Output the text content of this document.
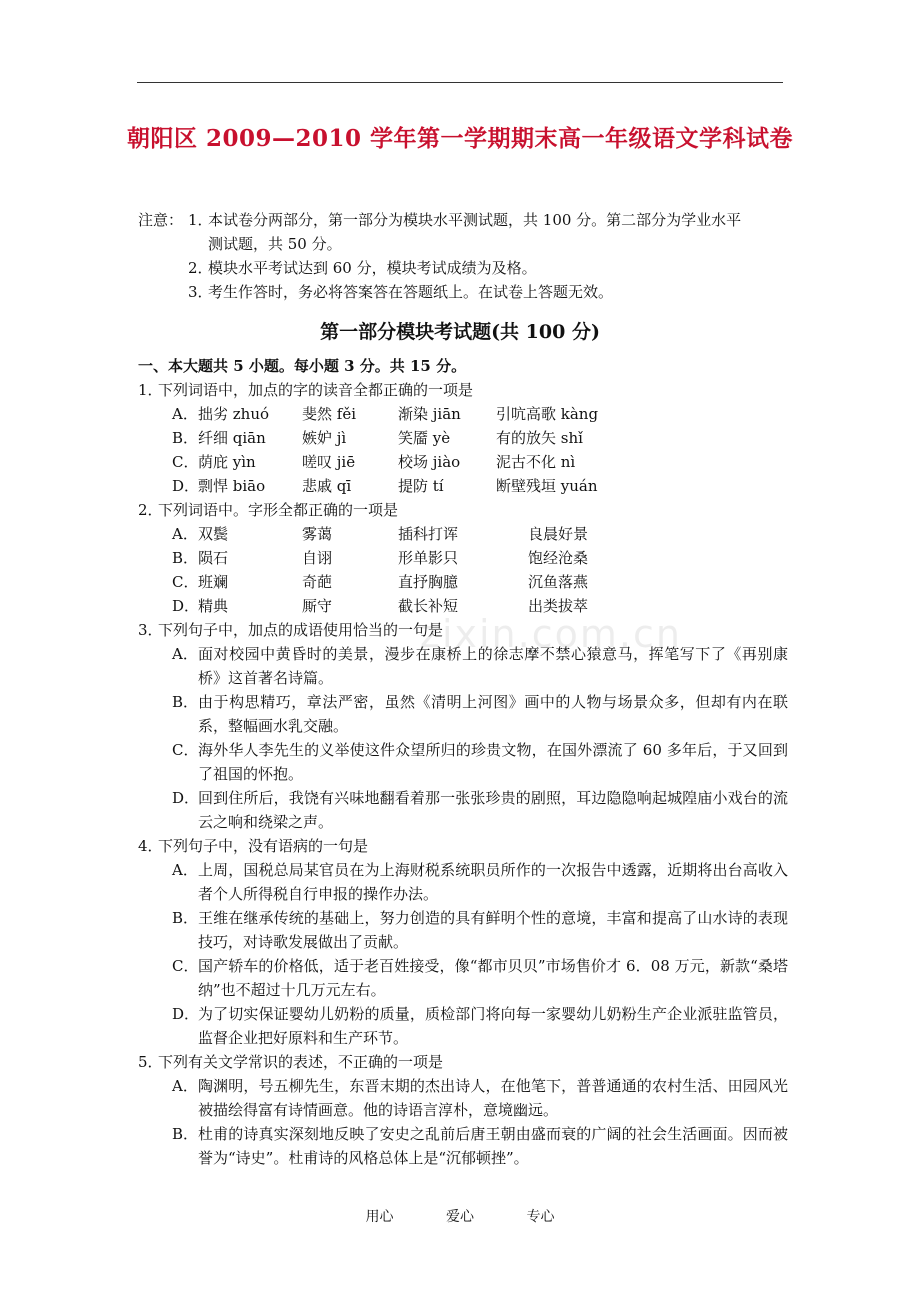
zixin.com.cn
朝阳区 2009—2010 学年第一学期期末高一年级语文学科试卷
注意： 1．
本试卷分两部分，第一部分为模块水平测试题，共 100 分。第二部分为学业水平
测试题，共 50 分。
2．
模块水平考试达到 60 分，模块考试成绩为及格。
3．
考生作答时，务必将答案答在答题纸上。在试卷上答题无效。
第一部分模块考试题(共 100 分)
一、本大题共 5 小题。每小题 3 分。共 15 分。
1．
下列词语中，加点的字的读音全都正确的一项是
A． 拙劣 zhuó	斐然 fěi	渐染 jiān	引吭高歌 kàng
B． 纤细 qiān	嫉妒 jì	笑靥 yè	有的放矢 shǐ
C． 荫庇 yìn	嗟叹 jiē	校场 jiào	泥古不化 nì
D．
剽悍 biāo	悲戚 qī	提防 tí	断壁残垣 yuán
2．
下列词语中。字形全都正确的一项是
A． 双鬓	雾蔼	插科打诨	良晨好景
B． 陨石	自诩	形单影只	饱经沧桑
C． 班斓	奇葩	直抒胸臆	沉鱼落燕
D．
精典	厮守	截长补短	出类拔萃
3．
下列句子中，加点的成语使用恰当的一句是
A． 面对校园中黄昏时的美景，漫步在康桥上的徐志摩不禁心猿意马，挥笔写下了《再别康桥》这首著名诗篇。
B． 由于构思精巧，章法严密，虽然《清明上河图》画中的人物与场景众多，但却有内在联系，整幅画水乳交融。
C． 海外华人李先生的义举使这件众望所归的珍贵文物，在国外漂流了 60 多年后，于又回到了祖国的怀抱。
D．
回到住所后，我饶有兴味地翻看着那一张张珍贵的剧照，耳边隐隐响起城隍庙小戏台的流云之响和绕梁之声。
4．
下列句子中，没有语病的一句是
A． 上周，国税总局某官员在为上海财税系统职员所作的一次报告中透露，近期将出台高收入者个人所得税自行申报的操作办法。
B． 王维在继承传统的基础上，努力创造的具有鲜明个性的意境，丰富和提高了山水诗的表现技巧，对诗歌发展做出了贡献。
C． 国产轿车的价格低，适于老百姓接受，像“都市贝贝”市场售价才 6．08 万元，新款“桑塔纳”也不超过十几万元左右。
D．
为了切实保证婴幼儿奶粉的质量，质检部门将向每一家婴幼儿奶粉生产企业派驻监管员，监督企业把好原料和生产环节。
5．
下列有关文学常识的表述，不正确的一项是
A． 陶渊明，号五柳先生，东晋末期的杰出诗人，在他笔下，普普通通的农村生活、田园风光被描绘得富有诗情画意。他的诗语言淳朴，意境幽远。
B． 杜甫的诗真实深刻地反映了安史之乱前后唐王朝由盛而衰的广阔的社会生活画面。因而被誉为“诗史”。杜甫诗的风格总体上是“沉郁顿挫”。
用心	爱心	专心
